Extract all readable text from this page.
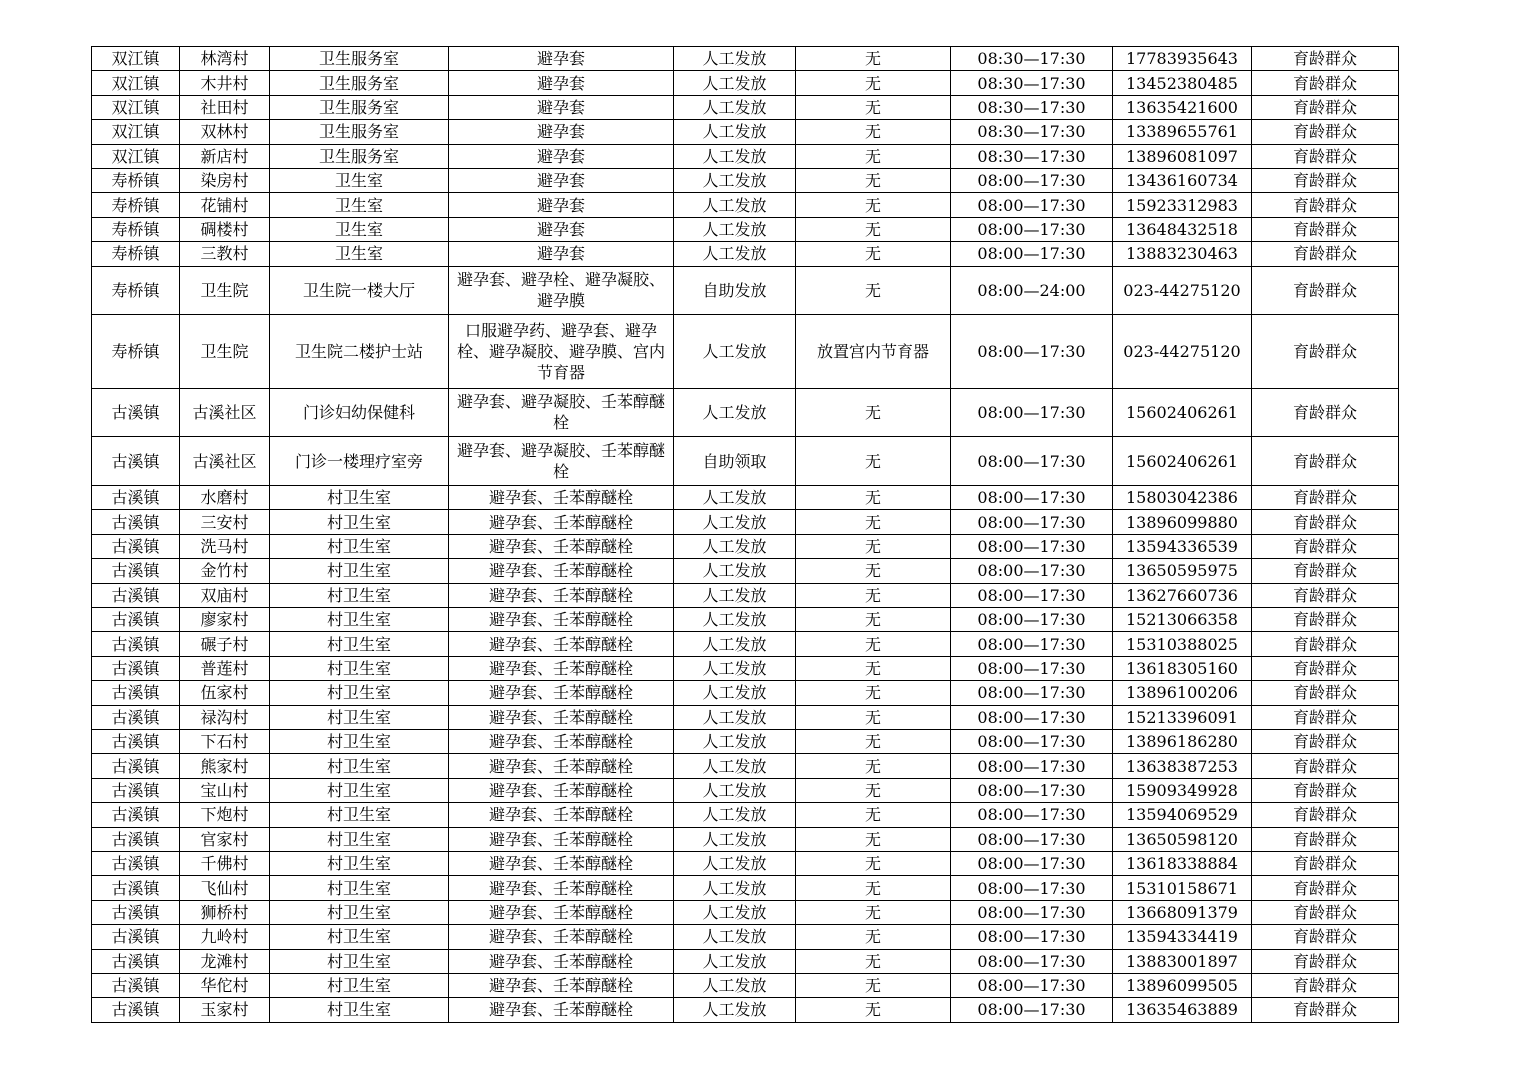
双江镇	林湾村	卫生服务室	避孕套	人工发放	无	08:30—17:30	17783935643	育龄群众
双江镇	木井村	卫生服务室	避孕套	人工发放	无	08:30—17:30	13452380485	育龄群众
双江镇	社田村	卫生服务室	避孕套	人工发放	无	08:30—17:30	13635421600	育龄群众
双江镇	双林村	卫生服务室	避孕套	人工发放	无	08:30—17:30	13389655761	育龄群众
双江镇	新店村	卫生服务室	避孕套	人工发放	无	08:30—17:30	13896081097	育龄群众
寿桥镇	染房村	卫生室	避孕套	人工发放	无	08:00—17:30	13436160734	育龄群众
寿桥镇	花铺村	卫生室	避孕套	人工发放	无	08:00—17:30	15923312983	育龄群众
寿桥镇	碉楼村	卫生室	避孕套	人工发放	无	08:00—17:30	13648432518	育龄群众
寿桥镇	三教村	卫生室	避孕套	人工发放	无	08:00—17:30	13883230463	育龄群众
寿桥镇	卫生院	卫生院一楼大厅	避孕套、避孕栓、避孕凝胶、避孕膜	自助发放	无	08:00—24:00	023-44275120	育龄群众
寿桥镇	卫生院	卫生院二楼护士站	口服避孕药、避孕套、避孕栓、避孕凝胶、避孕膜、宫内节育器	人工发放	放置宫内节育器	08:00—17:30	023-44275120	育龄群众
古溪镇	古溪社区	门诊妇幼保健科	避孕套、避孕凝胶、壬苯醇醚栓	人工发放	无	08:00—17:30	15602406261	育龄群众
古溪镇	古溪社区	门诊一楼理疗室旁	避孕套、避孕凝胶、壬苯醇醚栓	自助领取	无	08:00—17:30	15602406261	育龄群众
古溪镇	水磨村	村卫生室	避孕套、壬苯醇醚栓	人工发放	无	08:00—17:30	15803042386	育龄群众
古溪镇	三安村	村卫生室	避孕套、壬苯醇醚栓	人工发放	无	08:00—17:30	13896099880	育龄群众
古溪镇	洗马村	村卫生室	避孕套、壬苯醇醚栓	人工发放	无	08:00—17:30	13594336539	育龄群众
古溪镇	金竹村	村卫生室	避孕套、壬苯醇醚栓	人工发放	无	08:00—17:30	13650595975	育龄群众
古溪镇	双庙村	村卫生室	避孕套、壬苯醇醚栓	人工发放	无	08:00—17:30	13627660736	育龄群众
古溪镇	廖家村	村卫生室	避孕套、壬苯醇醚栓	人工发放	无	08:00—17:30	15213066358	育龄群众
古溪镇	碾子村	村卫生室	避孕套、壬苯醇醚栓	人工发放	无	08:00—17:30	15310388025	育龄群众
古溪镇	普莲村	村卫生室	避孕套、壬苯醇醚栓	人工发放	无	08:00—17:30	13618305160	育龄群众
古溪镇	伍家村	村卫生室	避孕套、壬苯醇醚栓	人工发放	无	08:00—17:30	13896100206	育龄群众
古溪镇	禄沟村	村卫生室	避孕套、壬苯醇醚栓	人工发放	无	08:00—17:30	15213396091	育龄群众
古溪镇	下石村	村卫生室	避孕套、壬苯醇醚栓	人工发放	无	08:00—17:30	13896186280	育龄群众
古溪镇	熊家村	村卫生室	避孕套、壬苯醇醚栓	人工发放	无	08:00—17:30	13638387253	育龄群众
古溪镇	宝山村	村卫生室	避孕套、壬苯醇醚栓	人工发放	无	08:00—17:30	15909349928	育龄群众
古溪镇	下炮村	村卫生室	避孕套、壬苯醇醚栓	人工发放	无	08:00—17:30	13594069529	育龄群众
古溪镇	官家村	村卫生室	避孕套、壬苯醇醚栓	人工发放	无	08:00—17:30	13650598120	育龄群众
古溪镇	千佛村	村卫生室	避孕套、壬苯醇醚栓	人工发放	无	08:00—17:30	13618338884	育龄群众
古溪镇	飞仙村	村卫生室	避孕套、壬苯醇醚栓	人工发放	无	08:00—17:30	15310158671	育龄群众
古溪镇	狮桥村	村卫生室	避孕套、壬苯醇醚栓	人工发放	无	08:00—17:30	13668091379	育龄群众
古溪镇	九岭村	村卫生室	避孕套、壬苯醇醚栓	人工发放	无	08:00—17:30	13594334419	育龄群众
古溪镇	龙滩村	村卫生室	避孕套、壬苯醇醚栓	人工发放	无	08:00—17:30	13883001897	育龄群众
古溪镇	华佗村	村卫生室	避孕套、壬苯醇醚栓	人工发放	无	08:00—17:30	13896099505	育龄群众
古溪镇	玉家村	村卫生室	避孕套、壬苯醇醚栓	人工发放	无	08:00—17:30	13635463889	育龄群众
